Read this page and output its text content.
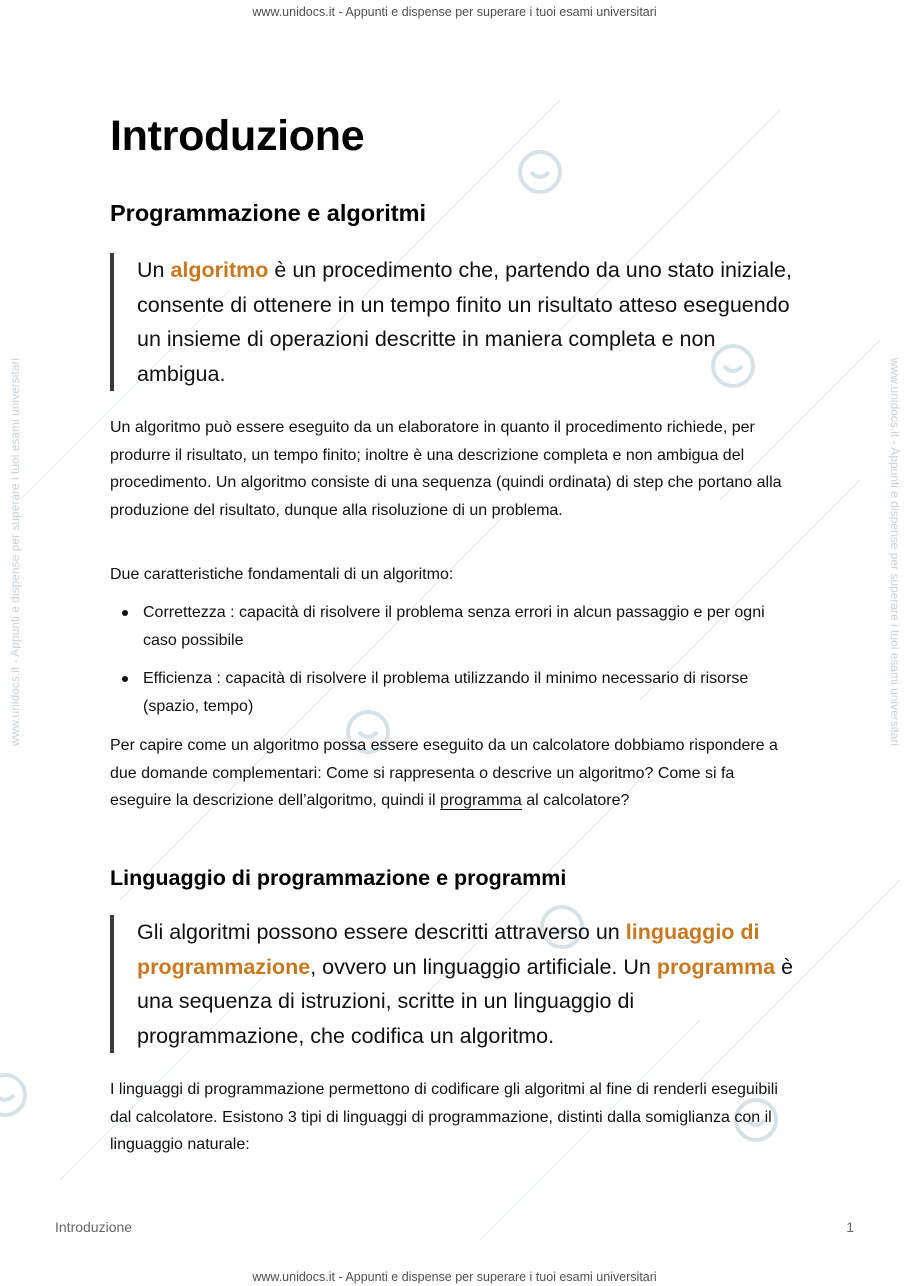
www.unidocs.it - Appunti e dispense per superare i tuoi esami universitari
www.unidocs.it - Appunti e dispense per superare i tuoi esami universitari
www.unidocs.it - Appunti e dispense per superare i tuoi esami universitari	www.unidocs.it - Appunti e dispense per superare i tuoi esami universitari
Introduzione
Programmazione e algoritmi
Un algoritmo è un procedimento che, partendo da uno stato iniziale, consente di ottenere in un tempo finito un risultato atteso eseguendo un insieme di operazioni descritte in maniera completa e non ambigua.
Un algoritmo può essere eseguito da un elaboratore in quanto il procedimento richiede, per produrre il risultato, un tempo finito; inoltre è una descrizione completa e non ambigua del procedimento. Un algoritmo consiste di una sequenza (quindi ordinata) di step che portano alla produzione del risultato, dunque alla risoluzione di un problema.
Due caratteristiche fondamentali di un algoritmo:
Correttezza : capacità di risolvere il problema senza errori in alcun passaggio e per ogni caso possibile
Efficienza : capacità di risolvere il problema utilizzando il minimo necessario di risorse (spazio, tempo)
Per capire come un algoritmo possa essere eseguito da un calcolatore dobbiamo rispondere a due domande complementari: Come si rappresenta o descrive un algoritmo? Come si fa eseguire la descrizione dell’algoritmo, quindi il programma al calcolatore?
Linguaggio di programmazione e programmi
Gli algoritmi possono essere descritti attraverso un linguaggio di programmazione, ovvero un linguaggio artificiale. Un programma è una sequenza di istruzioni, scritte in un linguaggio di programmazione, che codifica un algoritmo.
I linguaggi di programmazione permettono di codificare gli algoritmi al fine di renderli eseguibili dal calcolatore. Esistono 3 tipi di linguaggi di programmazione, distinti dalla somiglianza con il linguaggio naturale:
Introduzione	1
